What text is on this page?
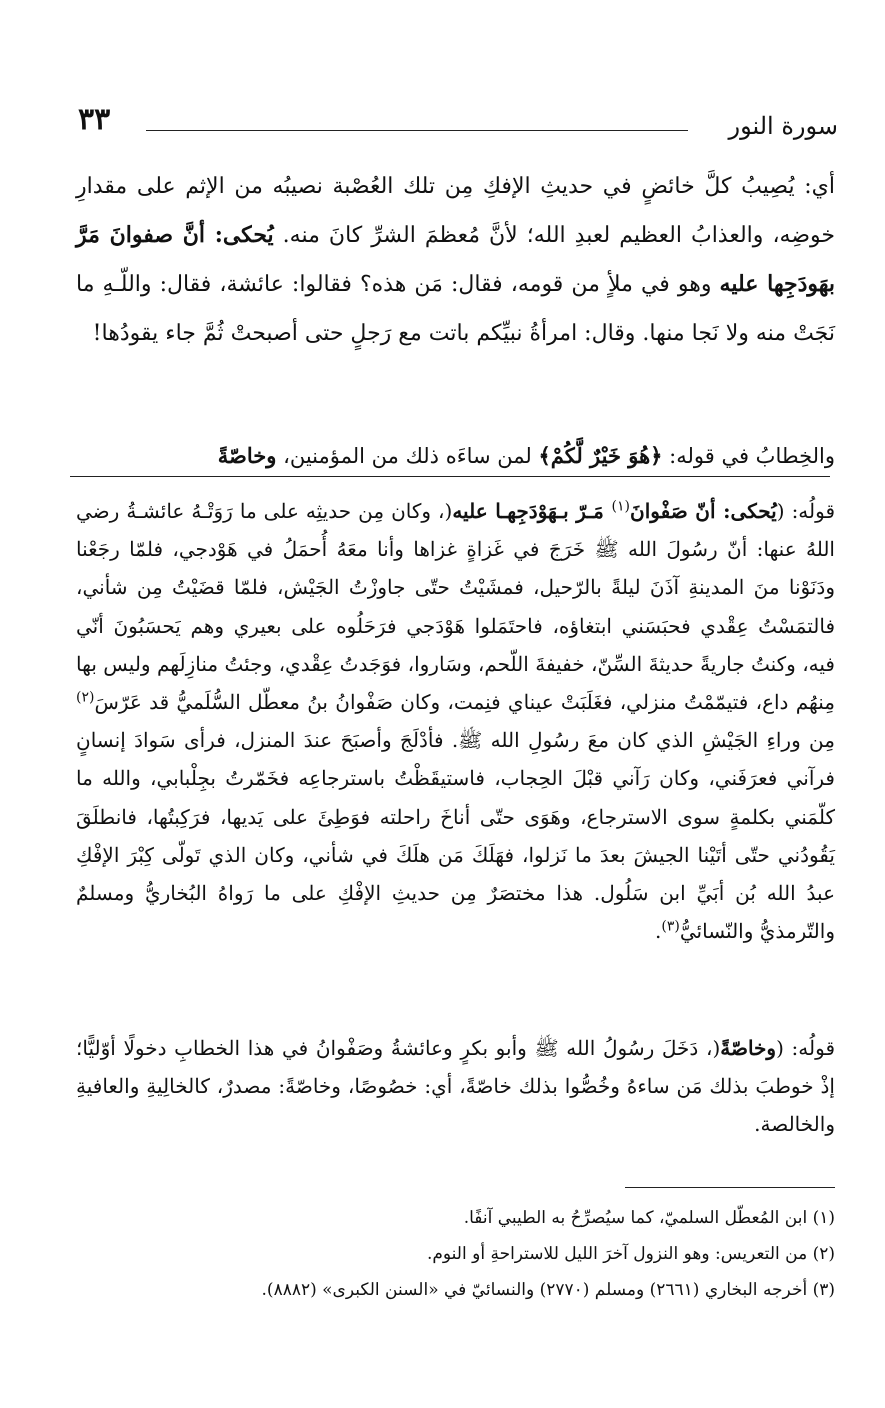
سورة النور
٣٣

أي: يُصِيبُ كلَّ خائضٍ في حديثِ الإفكِ مِن تلك العُصْبة نصيبُه من الإثم على مقدارِ خوضِه، والعذابُ العظيم لعبدِ الله؛ لأنَّ مُعظمَ الشرِّ كانَ منه. يُحكى: أنَّ صفوانَ مَرَّ بهَودَجِها عليه وهو في ملأٍ من قومه، فقال: مَن هذه؟ فقالوا: عائشة، فقال: واللّـهِ ما نَجَتْ منه ولا نَجا منها. وقال: امرأةُ نبيِّكم باتت مع رَجلٍ حتى أصبحتْ ثُمَّ جاء يقودُها!

والخِطابُ في قوله: ﴿هُوَ خَيْرٌ لَّكُمْ﴾ لمن ساءَه ذلك من المؤمنين، وخاصّةً

قولُه: (يُحكى: أنّ صَفْوانَ$^{(١)}$ مَـرّ بـهَوْدَجِهـا عليه(، وكان مِن حديثِه على ما رَوَتْـهُ عائشـةُ رضي اللهُ عنها: أنّ رسُولَ الله ﷺ خَرَجَ في غَزاةٍ غزاها وأنا معَهُ أُحمَلُ في هَوْدجي، فلمّا رجَعْنا ودَنَوْنا منَ المدينةِ آذَنَ ليلةً بالرّحيل، فمشَيْتُ حتّى جاوزْتُ الجَيْش، فلمّا قضَيْتُ مِن شأني، فالتمَسْتُ عِقْدي فحبَسَني ابتغاؤه، فاحتَمَلوا هَوْدَجي فرَحَلُوه على بعيري وهم يَحسَبُونَ أنّي فيه، وكنتُ جاريةً حديثةَ السِّنّ، خفيفةَ اللّحم، وسَاروا، فوَجَدتُ عِقْدي، وجئتُ منازِلَهم وليس بها مِنهُم داع، فتيمّمْتُ منزلي، فغَلَبَتْ عيناي فنِمت، وكان صَفْوانُ بنُ معطّل السُّلَميُّ قد عَرّسَ$^{(٢)}$ مِن وراءِ الجَيْشِ الذي كان معَ رسُولِ الله ﷺ. فأدْلَجَ وأصبَحَ عندَ المنزل، فرأى سَوادَ إنسانٍ فرآني فعرَفَني، وكان رَآني قبْلَ الحِجاب، فاستيقَظْتُ باسترجاعِه فخَمّرتُ بجِلْبابي، والله ما كلّمَني بكلمةٍ سوى الاسترجاع، وهَوَى حتّى أناخَ راحلته فوَطِئَ على يَديها، فرَكِبتُها، فانطلَقَ يَقُودُني حتّى أتَيْنا الجيشَ بعدَ ما نَزلوا، فهَلَكَ مَن هلَكَ في شأني، وكان الذي تَولّى كِبْرَ الإفْكِ عبدُ الله بُن أبَيِّ ابن سَلُول. هذا مختصَرٌ مِن حديثِ الإفْكِ على ما رَواهُ البُخاريُّ ومسلمٌ والتّرمذيُّ والنّسائيُّ$^{(٣)}$.

قولُه: (وخاصّةً(، دَخَلَ رسُولُ الله ﷺ وأبو بكرٍ وعائشةُ وصَفْوانُ في هذا الخطابِ دخولًا أوّليًّا؛ إذْ خوطبَ بذلك مَن ساءهُ وخُصُّوا بذلك خاصّةً، أي: خصُوصًا، وخاصّةً: مصدرٌ، كالخالِيةِ والعافيةِ والخالصة.

(١) ابن المُعطّل السلميّ، كما سيُصرِّحُ به الطيبي آنفًا.
(٢) من التعريس: وهو النزول آخرَ الليل للاستراحةِ أو النوم.
(٣) أخرجه البخاري (٢٦٦١) ومسلم (٢٧٧٠) والنسائيّ في «السنن الكبرى» (٨٨٨٢).
